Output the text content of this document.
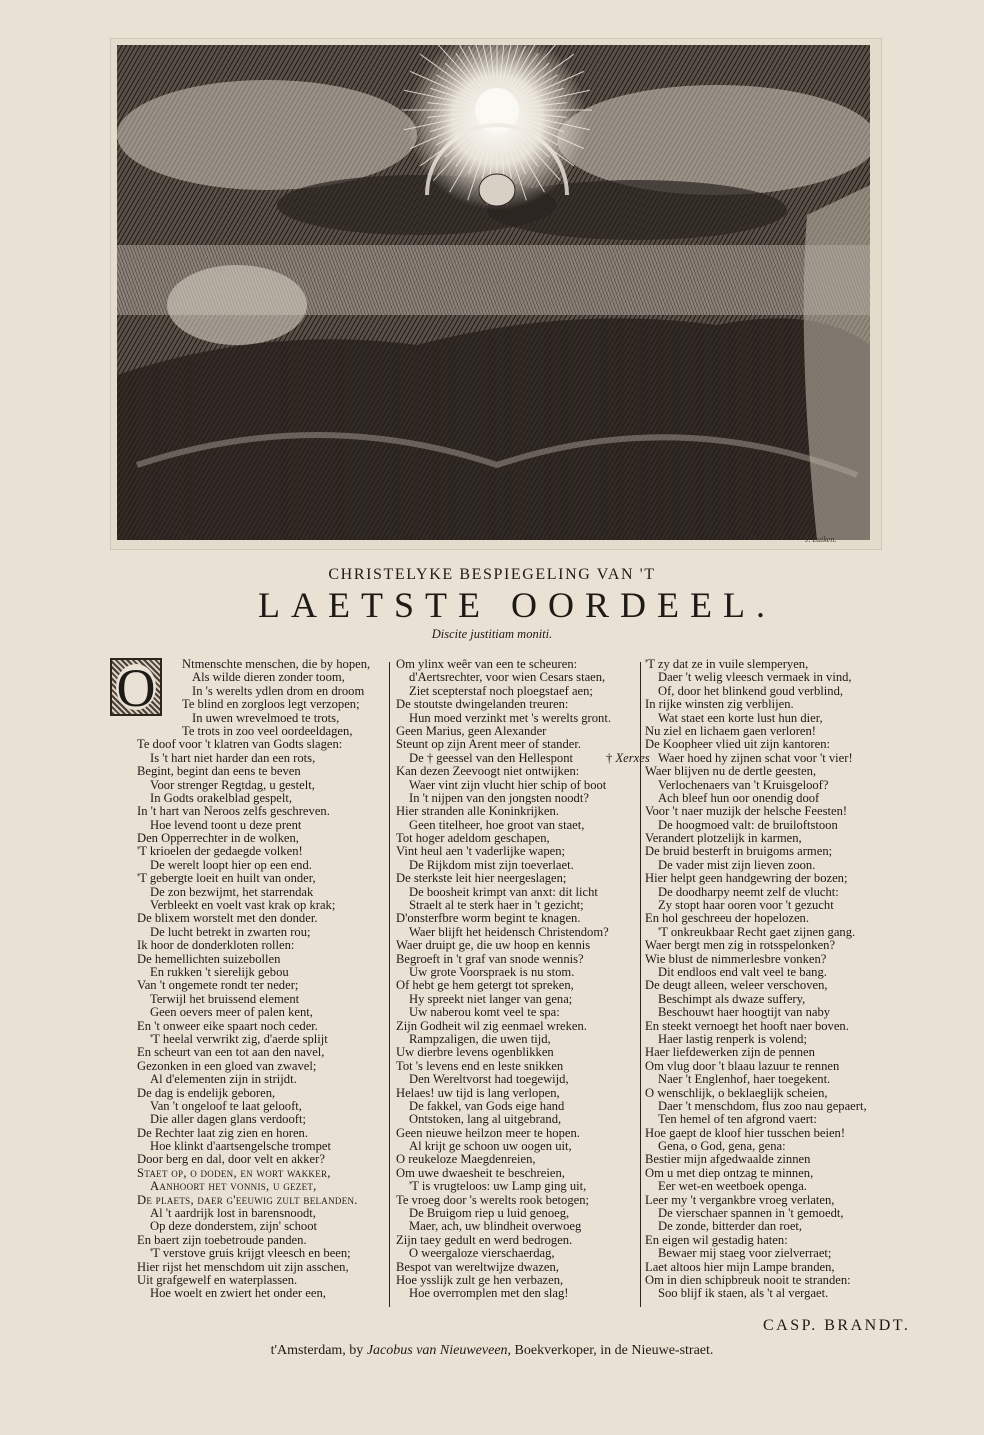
J. Luiken.
CHRISTELYKE BESPIEGELING VAN 'T
LAETSTE OORDEEL.
Discite justitiam moniti.
O Ntmenschte menschen, die by hopen,
Als wilde dieren zonder toom,
In 's werelts ydlen drom en droom
Te blind en zorgloos legt verzopen;
In uwen wrevelmoed te trots,
Te trots in zoo veel oordeeldagen,
Te doof voor 't klatren van Godts slagen:
Is 't hart niet harder dan een rots,
Begint, begint dan eens te beven
Voor strenger Regtdag, u gestelt,
In Godts orakelblad gespelt,
In 't hart van Neroos zelfs geschreven.
Hoe levend toont u deze prent
Den Opperrechter in de wolken,
'T krioelen der gedaegde volken!
De werelt loopt hier op een end.
'T gebergte loeit en huilt van onder,
De zon bezwijmt, het starrendak
Verbleekt en voelt vast krak op krak;
De blixem worstelt met den donder.
De lucht betrekt in zwarten rou;
Ik hoor de donderkloten rollen:
De hemellichten suizebollen
En rukken 't sierelijk gebou
Van 't ongemete rondt ter neder;
Terwijl het bruissend element
Geen oevers meer of palen kent,
En 't onweer eike spaart noch ceder.
'T heelal verwrikt zig, d'aerde splijt
En scheurt van een tot aan den navel,
Gezonken in een gloed van zwavel;
Al d'elementen zijn in strijdt.
De dag is endelijk geboren,
Van 't ongeloof te laat gelooft,
Die aller dagen glans verdooft;
De Rechter laat zig zien en horen.
Hoe klinkt d'aartsengelsche trompet
Door berg en dal, door velt en akker?
Staet op, o doden, en wort wakker,
Aanhoort het vonnis, u gezet,
De plaets, daer g'eeuwig zult belanden.
Al 't aardrijk lost in barensnoodt,
Op deze donderstem, zijn' schoot
En baert zijn toebetroude panden.
'T verstove gruis krijgt vleesch en been;
Hier rijst het menschdom uit zijn asschen,
Uit grafgewelf en waterplassen.
Hoe woelt en zwiert het onder een,
Om ylinx weêr van een te scheuren:
d'Aertsrechter, voor wien Cesars staen,
Ziet scepterstaf noch ploegstaef aen;
De stoutste dwingelanden treuren:
Hun moed verzinkt met 's werelts gront.
Geen Marius, geen Alexander
Steunt op zijn Arent meer of stander.
De † geessel van den Hellespont
Kan dezen Zeevoogt niet ontwijken:
Waer vint zijn vlucht hier schip of boot
In 't nijpen van den jongsten noodt?
Hier stranden alle Koninkrijken.
Geen titelheer, hoe groot van staet,
Tot hoger adeldom geschapen,
Vint heul aen 't vaderlijke wapen;
De Rijkdom mist zijn toeverlaet.
De sterkste leit hier neergeslagen;
De boosheit krimpt van anxt: dit licht
Straelt al te sterk haer in 't gezicht;
D'onsterfbre worm begint te knagen.
Waer blijft het heidensch Christendom?
Waer druipt ge, die uw hoop en kennis
Begroeft in 't graf van snode wennis?
Uw grote Voorspraek is nu stom.
Of hebt ge hem getergt tot spreken,
Hy spreekt niet langer van gena;
Uw naberou komt veel te spa:
Zijn Godheit wil zig eenmael wreken.
Rampzaligen, die uwen tijd,
Uw dierbre levens ogenblikken
Tot 's levens end en leste snikken
Den Wereltvorst had toegewijd,
Helaes! uw tijd is lang verlopen,
De fakkel, van Gods eige hand
Ontstoken, lang al uitgebrand,
Geen nieuwe heilzon meer te hopen.
Al krijt ge schoon uw oogen uit,
O reukeloze Maegdenreien,
Om uwe dwaesheit te beschreien,
'T is vrugteloos: uw Lamp ging uit,
Te vroeg door 's werelts rook betogen;
De Bruigom riep u luid genoeg,
Maer, ach, uw blindheit overwoeg
Zijn taey gedult en werd bedrogen.
O weergaloze vierschaerdag,
Bespot van wereltwijze dwazen,
Hoe ysslijk zult ge hen verbazen,
Hoe overromplen met den slag!
'T zy dat ze in vuile slemperyen,
Daer 't welig vleesch vermaek in vind,
Of, door het blinkend goud verblind,
In rijke winsten zig verblijen.
Wat staet een korte lust hun dier,
Nu ziel en lichaem gaen verloren!
De Koopheer vlied uit zijn kantoren:
Waer hoed hy zijnen schat voor 't vier!
Waer blijven nu de dertle geesten,
Verlochenaers van 't Kruisgeloof?
Ach bleef hun oor onendig doof
Voor 't naer muzijk der helsche Feesten!
De hoogmoed valt: de bruiloftstoon
Verandert plotzelijk in karmen,
De bruid besterft in bruigoms armen;
De vader mist zijn lieven zoon.
Hier helpt geen handgewring der bozen;
De doodharpy neemt zelf de vlucht:
Zy stopt haar ooren voor 't gezucht
En hol geschreeu der hopelozen.
'T onkreukbaar Recht gaet zijnen gang.
Waer bergt men zig in rotsspelonken?
Wie blust de nimmerlesbre vonken?
Dit endloos end valt veel te bang.
De deugt alleen, weleer verschoven,
Beschimpt als dwaze suffery,
Beschouwt haer hoogtijt van naby
En steekt vernoegt het hooft naer boven.
Haer lastig renperk is volend;
Haer liefdewerken zijn de pennen
Om vlug door 't blaau lazuur te rennen
Naer 't Englenhof, haer toegekent.
O wenschlijk, o beklaeglijk scheien,
Daer 't menschdom, flus zoo nau gepaert,
Ten hemel of ten afgrond vaert:
Hoe gaept de kloof hier tusschen beien!
Gena, o God, gena, gena:
Bestier mijn afgedwaalde zinnen
Om u met diep ontzag te minnen,
Eer wet-en weetboek openga.
Leer my 't vergankbre vroeg verlaten,
De vierschaer spannen in 't gemoedt,
De zonde, bitterder dan roet,
En eigen wil gestadig haten:
Bewaer mij staeg voor zielverraet;
Laet altoos hier mijn Lampe branden,
Om in dien schipbreuk nooit te stranden:
Soo blijf ik staen, als 't al vergaet.
† Xerxes
CASP. BRANDT.
t'Amsterdam, by Jacobus van Nieuweveen, Boekverkoper, in de Nieuwe-straet.
